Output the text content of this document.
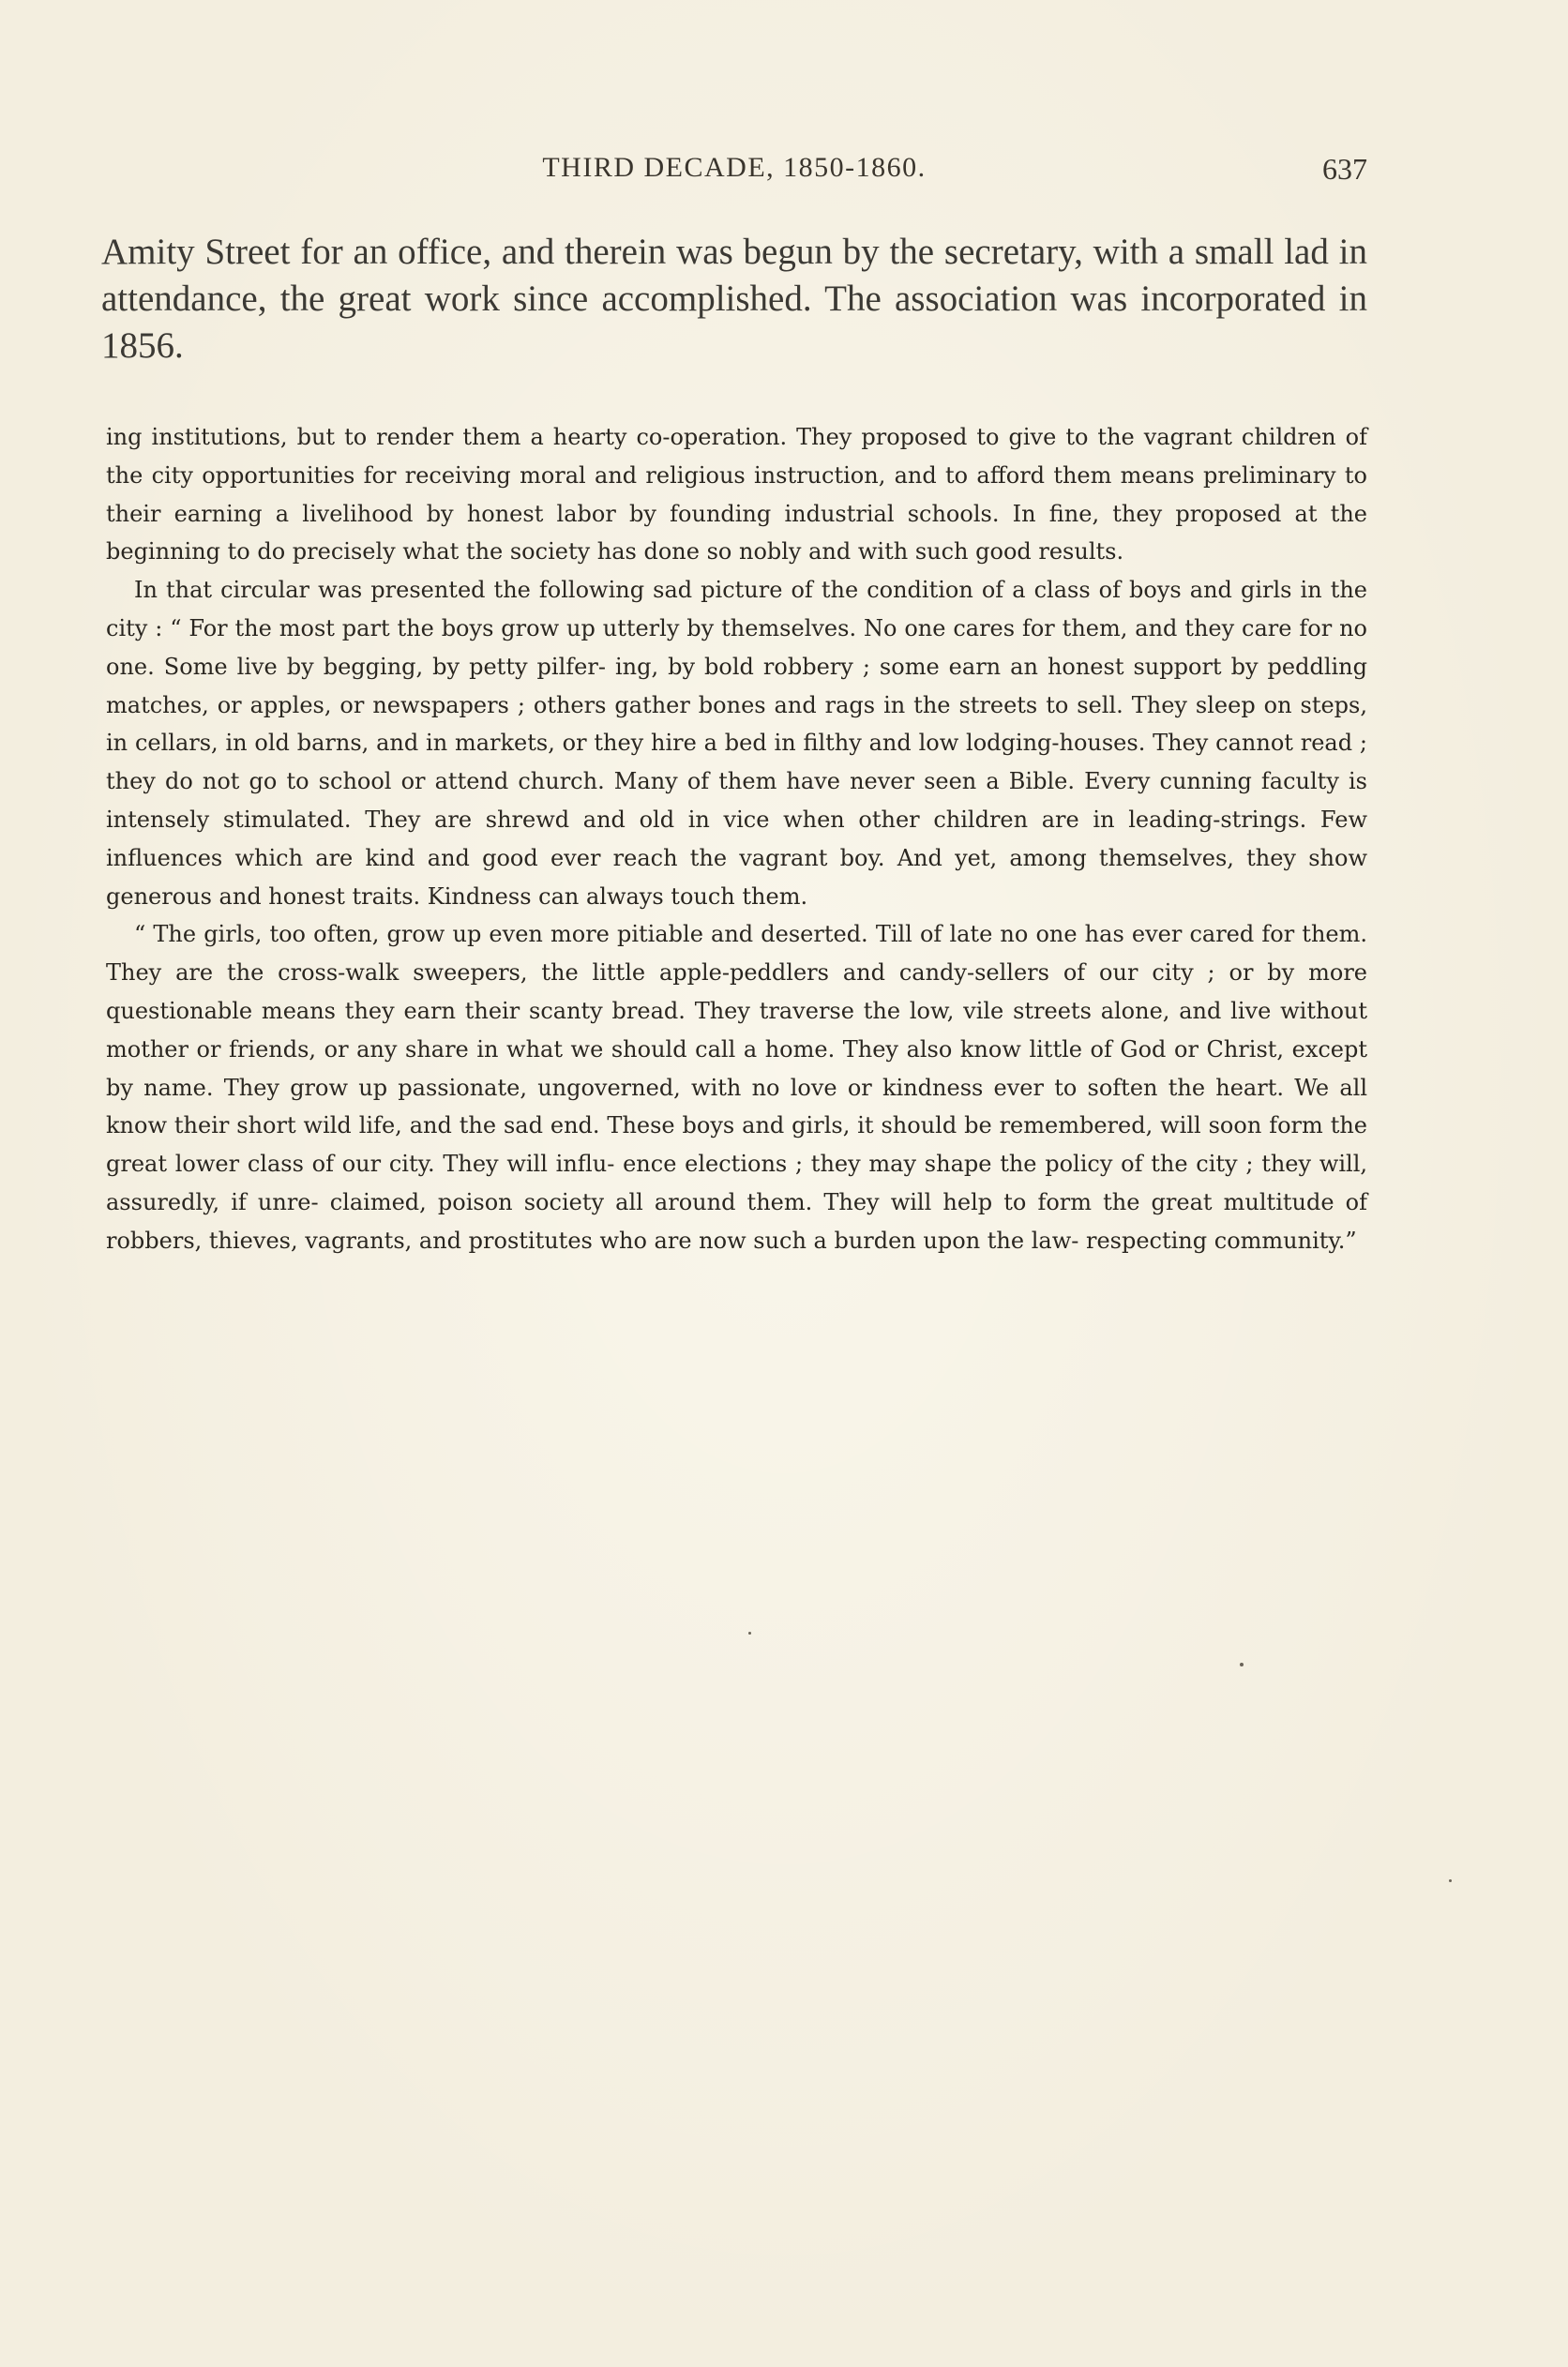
THIRD DECADE, 1850-1860.	637

Amity Street for an office, and therein was begun by the secretary, with a small lad in attendance, the great work since accomplished. The association was incorporated in 1856.

ing institutions, but to render them a hearty co-operation. They proposed to give to the vagrant children of the city opportunities for receiving moral and religious instruction, and to afford them means preliminary to their earning a livelihood by honest labor by founding industrial schools. In fine, they proposed at the beginning to do precisely what the society has done so nobly and with such good results.

In that circular was presented the following sad picture of the condition of a class of boys and girls in the city : “ For the most part the boys grow up utterly by themselves. No one cares for them, and they care for no one. Some live by begging, by petty pilfer- ing, by bold robbery ; some earn an honest support by peddling matches, or apples, or newspapers ; others gather bones and rags in the streets to sell. They sleep on steps, in cellars, in old barns, and in markets, or they hire a bed in filthy and low lodging-houses. They cannot read ; they do not go to school or attend church. Many of them have never seen a Bible. Every cunning faculty is intensely stimulated. They are shrewd and old in vice when other children are in leading-strings. Few influences which are kind and good ever reach the vagrant boy. And yet, among themselves, they show generous and honest traits. Kindness can always touch them.

“ The girls, too often, grow up even more pitiable and deserted. Till of late no one has ever cared for them. They are the cross-walk sweepers, the little apple-peddlers and candy-sellers of our city ; or by more questionable means they earn their scanty bread. They traverse the low, vile streets alone, and live without mother or friends, or any share in what we should call a home. They also know little of God or Christ, except by name. They grow up passionate, ungoverned, with no love or kindness ever to soften the heart. We all know their short wild life, and the sad end. These boys and girls, it should be remembered, will soon form the great lower class of our city. They will influ- ence elections ; they may shape the policy of the city ; they will, assuredly, if unre- claimed, poison society all around them. They will help to form the great multitude of robbers, thieves, vagrants, and prostitutes who are now such a burden upon the law- respecting community.”
